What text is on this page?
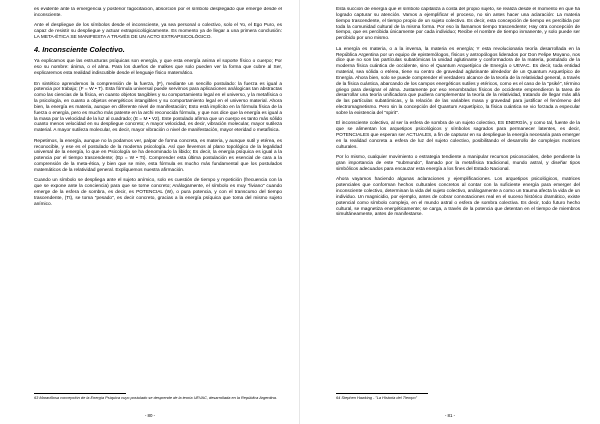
es evidente ante la emergencia y posterior fagocitación, absorción por el símbolo desplegado que emerge desde el inconsciente.

Ante el despliegue de los símbolos desde el inconsciente, ya sea personal o colectivo, solo el Yo, el Ego Puro, es capaz de resistir su despliegue y actuar extrapsicológicamente. Es momento ya de llegar a una primera conclusión: LA META-ÉTICA SE MANIFIESTA A TRAVÉS DE UN ACTO EXTRAPSICOLÓGICO.

4. Inconsciente Colectivo.

Ya explicamos que las estructuras psíquicas son energía, y que esta energía anima el soporte físico o cuerpo; Por eso su nombre: ánima, o el alma. Para los dueños de malkes que solo pueden ver la forma que cubre al Ser, explicaremos esta realidad indiscutible desde el lenguaje físico matemático.

En sintético aprendemos la comprensión de la fuerza, (F), mediante un sencillo postulado: la fuerza es igual a potencia por trabajo; (F = W • T). Esta fórmula universal puede servirnos para aplicaciones análogicas tan abstractas como las ciencias de la física, en cuanto objetos tangibles y su comportamiento legal en el universo, y la metafísica o la psicología, en cuanto a objetos energéticos intangibles y su comportamiento legal en el universo material. Ahora bien, la energía es materia, aunque en diferente nivel de manifestación; Esto está implícito en la fórmula física de la fuerza o energía, pero es mucho más patente en la archi reconocida fórmula, y que nos dice que la energía es igual a la masa por la velocidad de la luz al cuadrado; (E = M • V2). Este postulado afirma que un cuerpo es tanto más sólido cuanto menos velocidad en su despliegue concreto; A mayor velocidad, es decir, vibración molecular, mayor sutileza material. A mayor sutileza molecular, es decir, mayor vibración o nivel de manifestación, mayor eteridad o metafísica.

Repetimos, la energía, aunque no la podamos ver, palpar de forma concreta, es materia, y aunque sutil y etérea, es reconocible, y ese es el postulado de la moderna psicología. Así que llevemos al plano topológico de la legalidad universal de la energía, lo que en Psicología se ha denominado la libido; Es decir, la energía psíquica es igual a la potencia por el tiempo trascendente; (Ep = W • Tt). Comprender esta última postulación es esencial de cara a la comprensión de la meta-ética, y bien que se mire, esta fórmula es mucho más fundamental que los postulados matemáticos de la relatividad general. Expliquemos nuestra afirmación.

Cuando un símbolo se despliega ante el sujeto anímico, solo es cuestión de tiempo y repetición (frecuencia con la que se expone ante la conciencia) para que se torne concreto; Análogamente, el símbolo es muy "liviano" cuando emerge de la esfera de sombra, es decir, es POTENCIAL (W), o pura potencia, y con el transcurso del tiempo trascendente, (Tt), se toma "pesado", es decir concreto, gracias a la energía psíquica que toma del mismo sujeto anímico.

63 Maravillosa concepción de la Energía Psíquica cuyo postulado se desprende de la teoría UEVAC, desarrollada en la República Argentina.
- 80 -

Ésta succión de energía que el símbolo capitaliza a costa del propio sujeto, se realiza desde el momento en que ha logrado capturar su atención. Vamos a ejemplificar el proceso, no sin antes hacer una aclaración: La materia tiempo trascendente, el tiempo propio de un sujeto colectivo. Es decir, esta concepción de tiempo es percibida por toda la comunidad cultural de la misma forma. Por eso la llamamos tiempo trascendente; Hay otra concepción de tiempo, que es percibida únicamente por cada individuo; Recibe el nombre de tiempo inmanente, y solo puede ser percibido por uno mismo.

La energía es materia, o a la inversa, la materia es energía; Y esta revolucionaria teoría desarrollada en la República Argentina por un equipo de epistemólogos, físicos y antropólogos liderados por Don Felipe Moyano, nos dice que no son las partículas subatómicas la unidad aglutinante y conformadora de la materia, postulado de la moderna física cuántica de occidente, sino el Quantum Arquetípico de Energía o UEVAC. Es decir, toda entidad material, sea sólida o etérea, tiene su centro de gravedad aglutinante alrededor de un Quantum Arquetípico de Energía. Ahora bien, solo se puede comprender el verdadero alcance de la teoría de la relatividad general, a través de la física cuántica, abarcando de los campos energéticos sutiles y etéricos, como es el caso de la "psiké", término griego para designar el alma. Justamente por eso renombrados físicos de occidente emprendieron la tarea de desarrollar una teoría unificadora que pudiera complementar la teoría de la relatividad, tratando de llegar más allá de las partículas subatómicas, y la relación de las variables masa y gravedad para justificar el fenómeno del electromagnetismo. Pero sin la concepción del Quantum Arquetípico, la física cuántica se vio forzada a especular sobre la existencia del "spirit".

El inconsciente colectivo, al ser la esfera de sombra de un sujeto colectivo, ES ENERGÍA, y como tal, fuente de la que se alimentan los arquetipos psicológicos y símbolos sagrados para permanecer latentes, es decir, POTENCIALES que esperan ser ACTUALES, a fin de capturar en su despliegue la energía necesaria para emerger en la realidad concreta a esfera de luz del sujeto colectivo, posibilitando el desarrollo de complejos motrices culturales.

Por lo mismo, cualquier movimiento o estrategia tendiente a manipular recursos psicosociales, debe pendiente la gran importancia de este "submundo", llamado por la metafísica tradicional, mundo astral, y diseñar tipos simbólicos adecuados para encauzar esta energía a los fines del Estado Nacional.

Ahora vayamos haciendo algunas aclaraciones y ejemplificaciones. Los arquetipos psicológicos, matrices potenciales que conforman hechos culturales concretos al contar con la suficiente energía para emerger del inconsciente colectivo, determinan la vida del sujeto colectivo, análogamente a como un trauma afecta la vida de un individuo. Un magnicidio, por ejemplo, antes de cobrar connotaciones real en el suceso histórico dramático, existe potencial como símbolo complejo, en el mundo astral o esfera de sombra colectiva. Es decir, todo futuro hecho cultural, se magnetiza energéticamente; se carga, a través de la potencia que detentan en el tiempo de miembros simultáneamente, antes de manifestarse.

64 Stephen Hawking - "La Historia del Tiempo"
- 81 -
